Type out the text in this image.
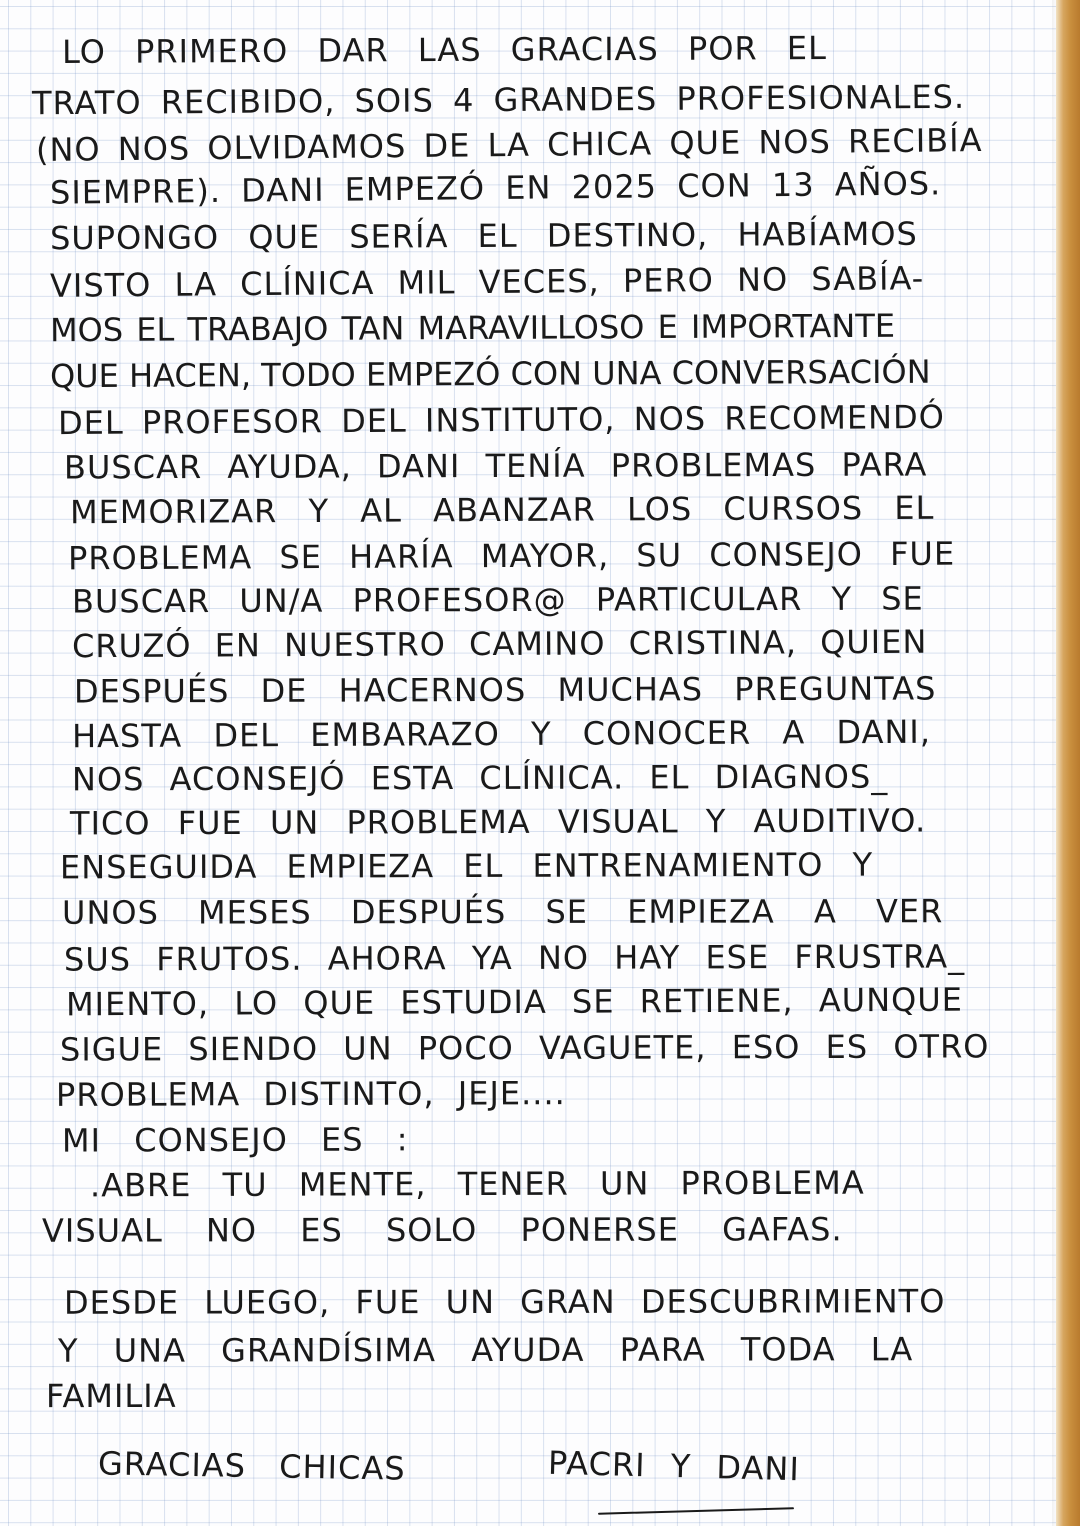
LO PRIMERO DAR LAS GRACIAS POR EL

TRATO RECIBIDO, SOIS 4 GRANDES PROFESIONALES.

(NO NOS OLVIDAMOS DE LA CHICA QUE NOS RECIBÍA

SIEMPRE). DANI EMPEZÓ EN 2025 CON 13 AÑOS.

SUPONGO QUE SERÍA EL DESTINO, HABÍAMOS

VISTO LA CLÍNICA MIL VECES, PERO NO SABÍA-

MOS EL TRABAJO TAN MARAVILLOSO E IMPORTANTE

QUE HACEN, TODO EMPEZÓ CON UNA CONVERSACIÓN

DEL PROFESOR DEL INSTITUTO, NOS RECOMENDÓ

BUSCAR AYUDA, DANI TENÍA PROBLEMAS PARA

MEMORIZAR Y AL ABANZAR LOS CURSOS EL

PROBLEMA SE HARÍA MAYOR, SU CONSEJO FUE

BUSCAR UN/A PROFESOR@ PARTICULAR Y SE

CRUZÓ EN NUESTRO CAMINO CRISTINA, QUIEN

DESPUÉS DE HACERNOS MUCHAS PREGUNTAS

HASTA DEL EMBARAZO Y CONOCER A DANI,

NOS ACONSEJÓ ESTA CLÍNICA. EL DIAGNOS_

TICO FUE UN PROBLEMA VISUAL Y AUDITIVO.

ENSEGUIDA EMPIEZA EL ENTRENAMIENTO Y

UNOS MESES DESPUÉS SE EMPIEZA A VER

SUS FRUTOS. AHORA YA NO HAY ESE FRUSTRA_

MIENTO, LO QUE ESTUDIA SE RETIENE, AUNQUE

SIGUE SIENDO UN POCO VAGUETE, ESO ES OTRO

PROBLEMA DISTINTO, JEJE....

MI CONSEJO ES :

.ABRE TU MENTE, TENER UN PROBLEMA

VISUAL NO ES SOLO PONERSE GAFAS.

DESDE LUEGO, FUE UN GRAN DESCUBRIMIENTO

Y UNA GRANDÍSIMA AYUDA PARA TODA LA

FAMILIA

GRACIAS CHICAS	PACRI Y DANI
